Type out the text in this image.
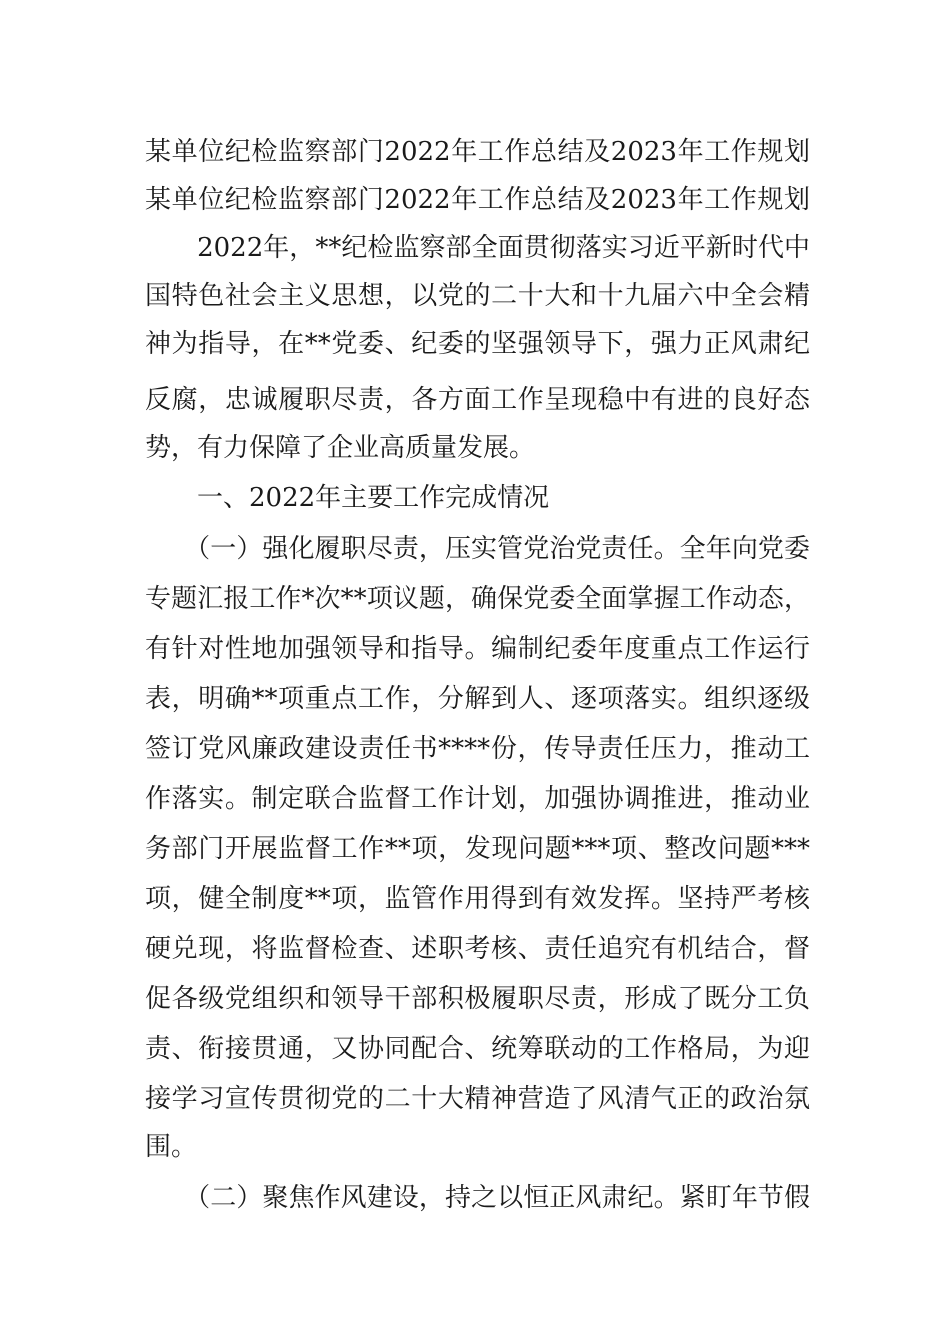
某单位纪检监察部门2022年工作总结及2023年工作规划
某单位纪检监察部门2022年工作总结及2023年工作规划
　　2022年，**纪检监察部全面贯彻落实习近平新时代中
国特色社会主义思想，以党的二十大和十九届六中全会精
神为指导，在**党委、纪委的坚强领导下，强力正风肃纪
反腐，忠诚履职尽责，各方面工作呈现稳中有进的良好态
势，有力保障了企业高质量发展。
　　一、2022年主要工作完成情况
　　（一）强化履职尽责，压实管党治党责任。全年向党委
专题汇报工作*次**项议题，确保党委全面掌握工作动态，
有针对性地加强领导和指导。编制纪委年度重点工作运行
表，明确**项重点工作，分解到人、逐项落实。组织逐级
签订党风廉政建设责任书****份，传导责任压力，推动工
作落实。制定联合监督工作计划，加强协调推进，推动业
务部门开展监督工作**项，发现问题***项、整改问题***
项，健全制度**项，监管作用得到有效发挥。坚持严考核
硬兑现，将监督检查、述职考核、责任追究有机结合，督
促各级党组织和领导干部积极履职尽责，形成了既分工负
责、衔接贯通，又协同配合、统筹联动的工作格局，为迎
接学习宣传贯彻党的二十大精神营造了风清气正的政治氛
围。
　　（二）聚焦作风建设，持之以恒正风肃纪。紧盯年节假
